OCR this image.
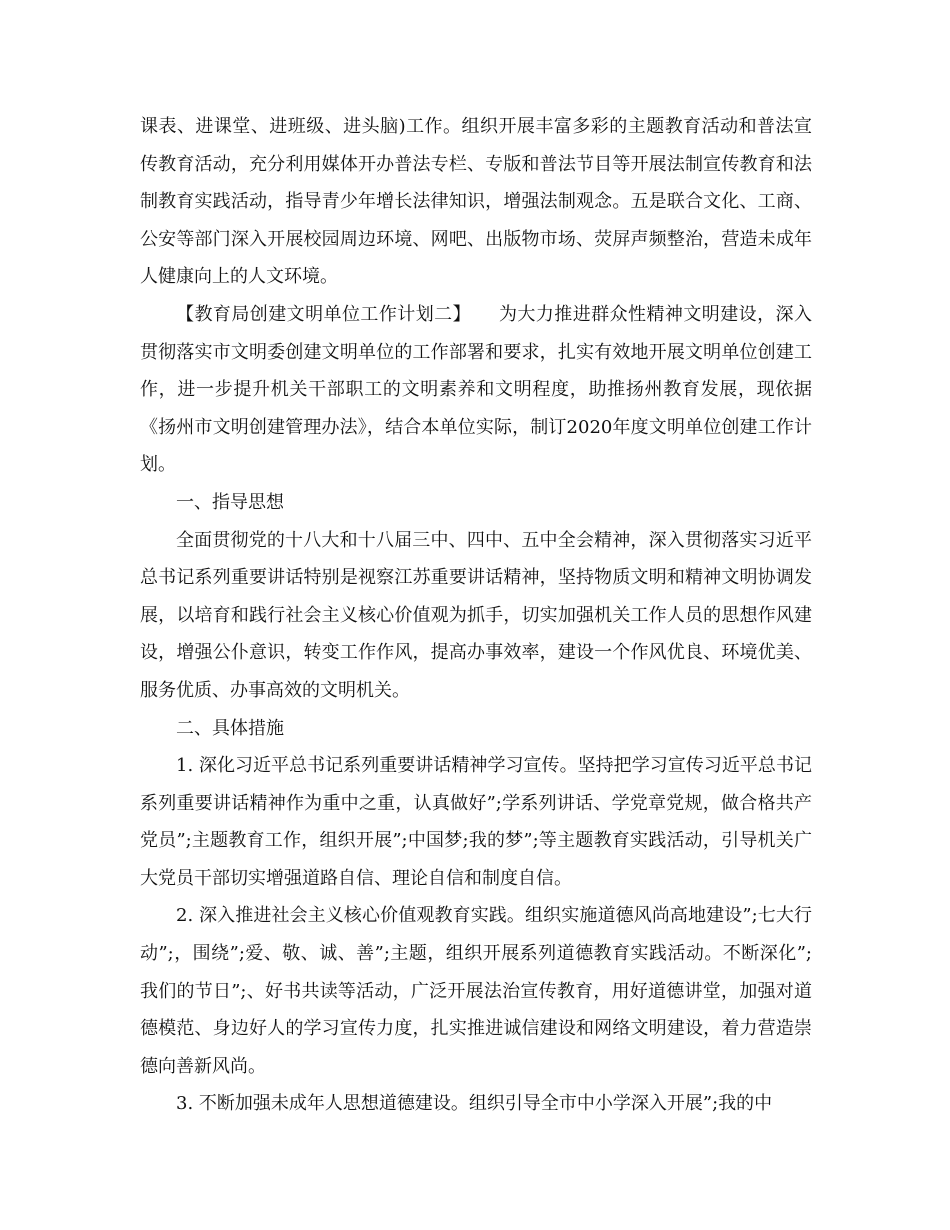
课表、进课堂、进班级、进头脑)工作。组织开展丰富多彩的主题教育活动和普法宣传教育活动，充分利用媒体开办普法专栏、专版和普法节目等开展法制宣传教育和法制教育实践活动，指导青少年增长法律知识，增强法制观念。五是联合文化、工商、公安等部门深入开展校园周边环境、网吧、出版物市场、荧屏声频整治，营造未成年人健康向上的人文环境。

【教育局创建文明单位工作计划二】　　为大力推进群众性精神文明建设，深入贯彻落实市文明委创建文明单位的工作部署和要求，扎实有效地开展文明单位创建工作，进一步提升机关干部职工的文明素养和文明程度，助推扬州教育发展，现依据《扬州市文明创建管理办法》，结合本单位实际，制订2020年度文明单位创建工作计划。

一、指导思想

全面贯彻党的十八大和十八届三中、四中、五中全会精神，深入贯彻落实习近平总书记系列重要讲话特别是视察江苏重要讲话精神，坚持物质文明和精神文明协调发展，以培育和践行社会主义核心价值观为抓手，切实加强机关工作人员的思想作风建设，增强公仆意识，转变工作作风，提高办事效率，建设一个作风优良、环境优美、服务优质、办事高效的文明机关。

二、具体措施

1. 深化习近平总书记系列重要讲话精神学习宣传。坚持把学习宣传习近平总书记系列重要讲话精神作为重中之重，认真做好”;学系列讲话、学党章党规，做合格共产党员”;主题教育工作，组织开展”;中国梦;我的梦”;等主题教育实践活动，引导机关广大党员干部切实增强道路自信、理论自信和制度自信。

2. 深入推进社会主义核心价值观教育实践。组织实施道德风尚高地建设”;七大行动”;，围绕”;爱、敬、诚、善”;主题，组织开展系列道德教育实践活动。不断深化”;我们的节日”;、好书共读等活动，广泛开展法治宣传教育，用好道德讲堂，加强对道德模范、身边好人的学习宣传力度，扎实推进诚信建设和网络文明建设，着力营造崇德向善新风尚。

3. 不断加强未成年人思想道德建设。组织引导全市中小学深入开展”;我的中
